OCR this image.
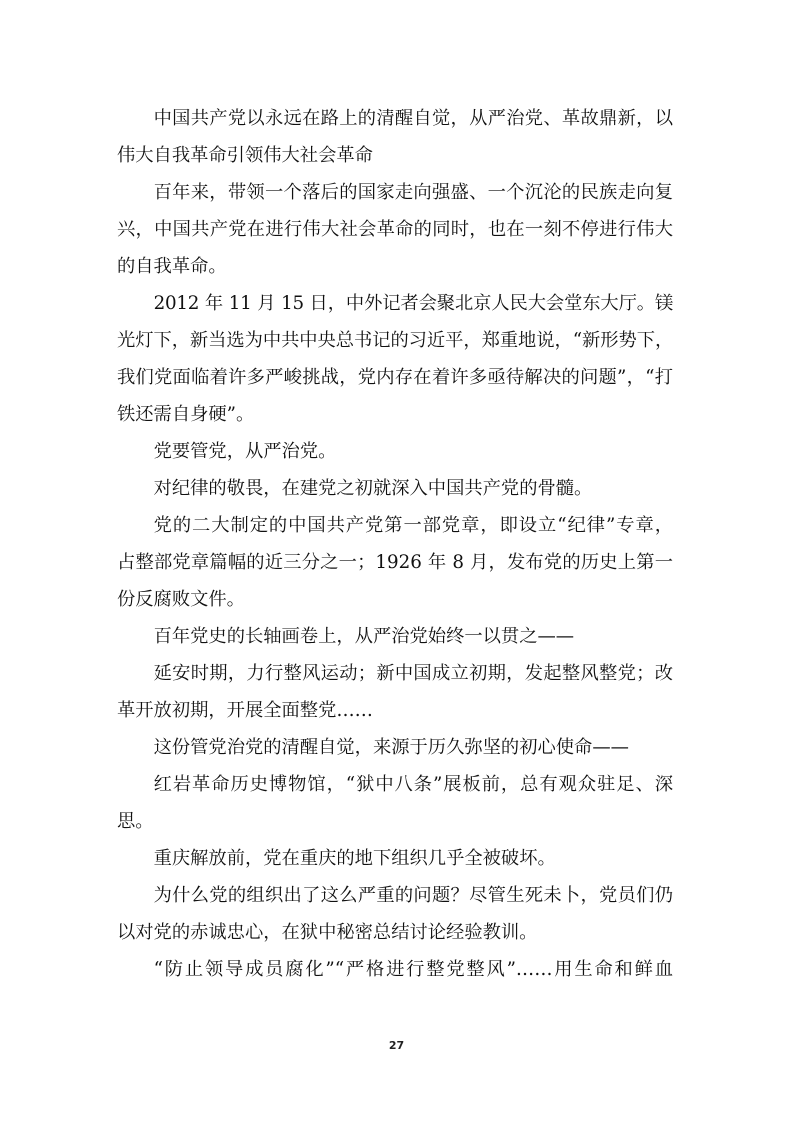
中国共产党以永远在路上的清醒自觉，从严治党、革故鼎新，以
伟大自我革命引领伟大社会革命
百年来，带领一个落后的国家走向强盛、一个沉沦的民族走向复
兴，中国共产党在进行伟大社会革命的同时，也在一刻不停进行伟大
的自我革命。
2012 年 11 月 15 日，中外记者会聚北京人民大会堂东大厅。镁
光灯下，新当选为中共中央总书记的习近平，郑重地说，“新形势下，
我们党面临着许多严峻挑战，党内存在着许多亟待解决的问题”，“打
铁还需自身硬”。
党要管党，从严治党。
对纪律的敬畏，在建党之初就深入中国共产党的骨髓。
党的二大制定的中国共产党第一部党章，即设立“纪律”专章，
占整部党章篇幅的近三分之一；1926 年 8 月，发布党的历史上第一
份反腐败文件。
百年党史的长轴画卷上，从严治党始终一以贯之——
延安时期，力行整风运动；新中国成立初期，发起整风整党；改
革开放初期，开展全面整党……
这份管党治党的清醒自觉，来源于历久弥坚的初心使命——
红岩革命历史博物馆，“狱中八条”展板前，总有观众驻足、深
思。
重庆解放前，党在重庆的地下组织几乎全被破坏。
为什么党的组织出了这么严重的问题？尽管生死未卜，党员们仍
以对党的赤诚忠心，在狱中秘密总结讨论经验教训。
“防止领导成员腐化”“严格进行整党整风”……用生命和鲜血
27
